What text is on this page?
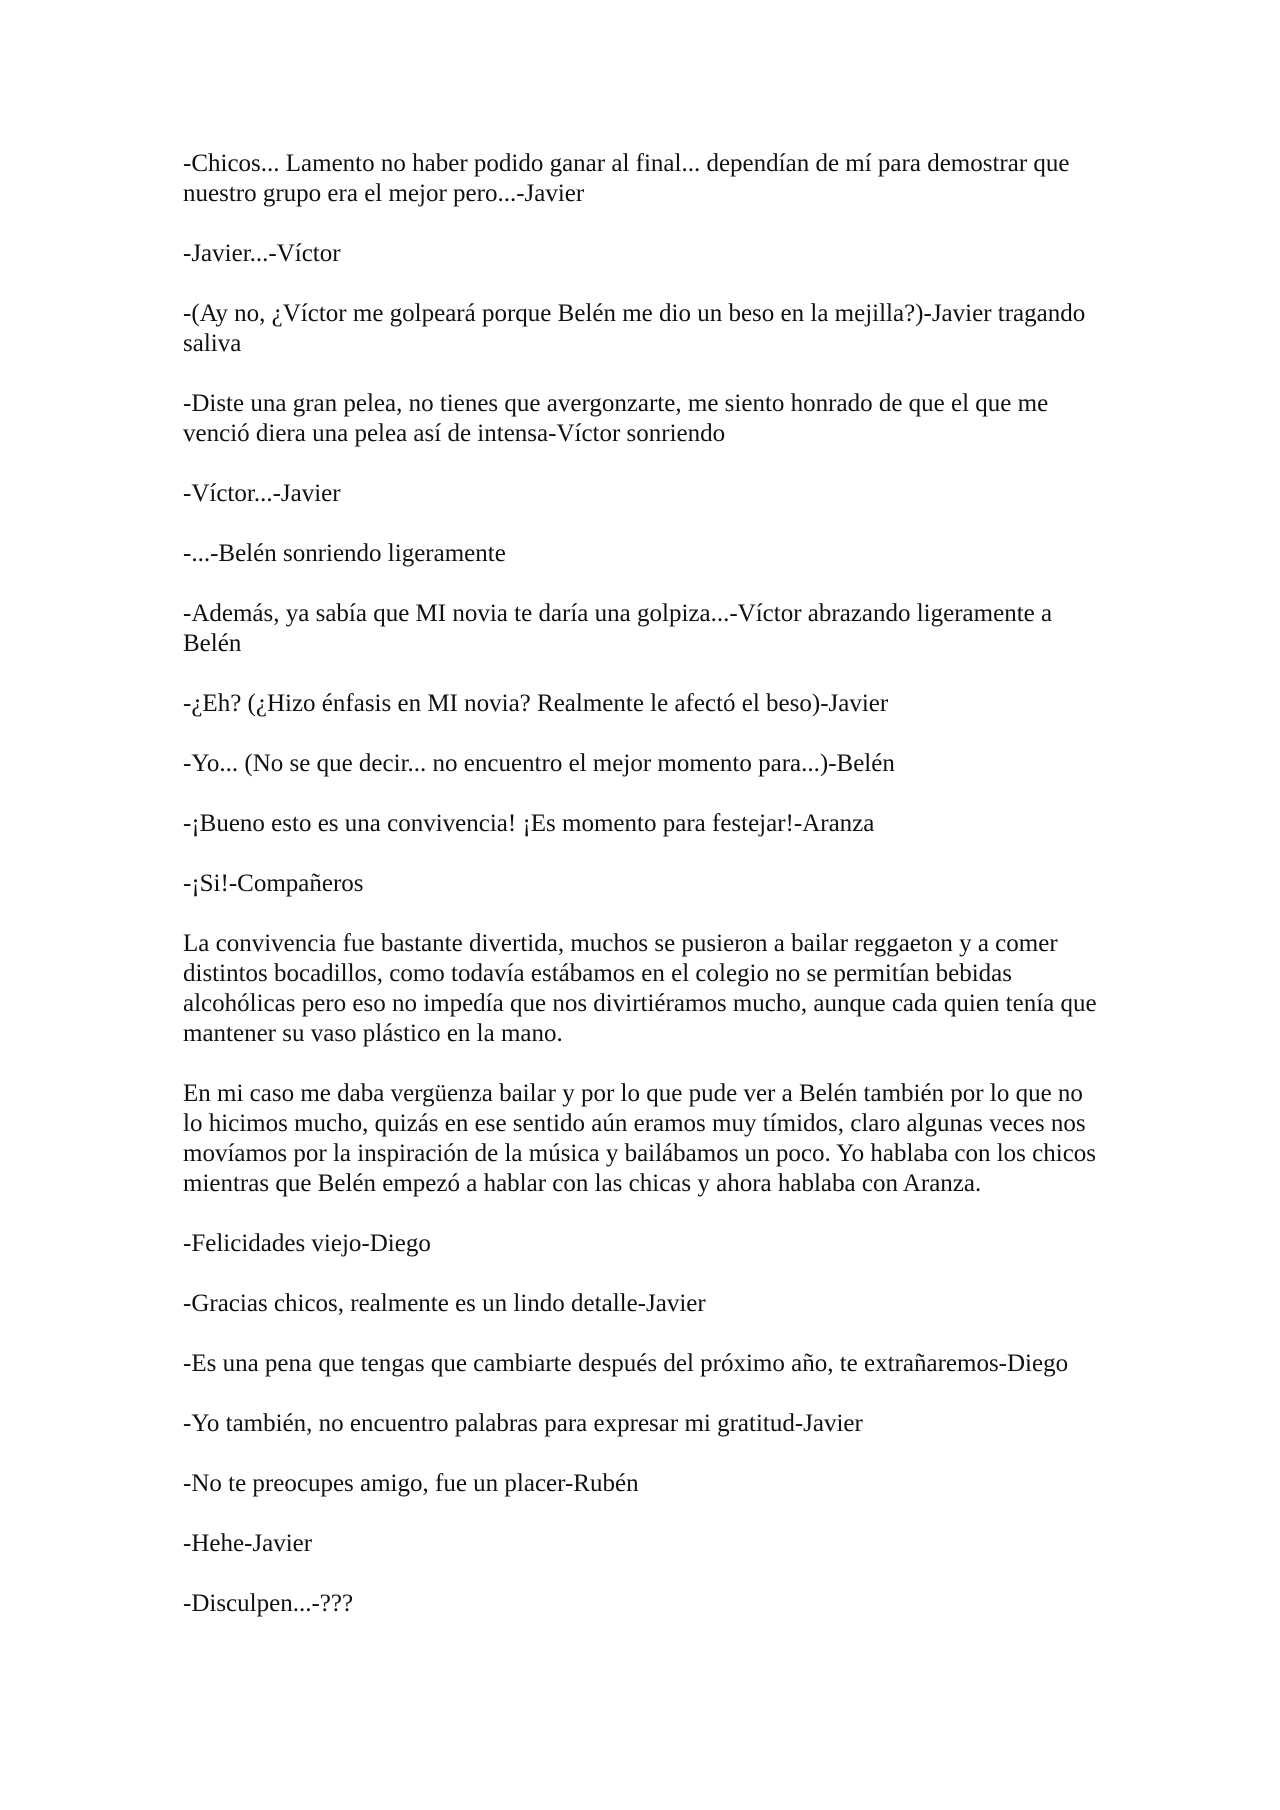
-Chicos... Lamento no haber podido ganar al final... dependían de mí para demostrar que nuestro grupo era el mejor pero...-Javier

-Javier...-Víctor

-(Ay no, ¿Víctor me golpeará porque Belén me dio un beso en la mejilla?)-Javier tragando saliva

-Diste una gran pelea, no tienes que avergonzarte, me siento honrado de que el que me venció diera una pelea así de intensa-Víctor sonriendo

-Víctor...-Javier

-...-Belén sonriendo ligeramente

-Además, ya sabía que MI novia te daría una golpiza...-Víctor abrazando ligeramente a Belén

-¿Eh? (¿Hizo énfasis en MI novia? Realmente le afectó el beso)-Javier

-Yo... (No se que decir... no encuentro el mejor momento para...)-Belén

-¡Bueno esto es una convivencia! ¡Es momento para festejar!-Aranza

-¡Si!-Compañeros

La convivencia fue bastante divertida, muchos se pusieron a bailar reggaeton y a comer distintos bocadillos, como todavía estábamos en el colegio no se permitían bebidas alcohólicas pero eso no impedía que nos divirtiéramos mucho, aunque cada quien tenía que mantener su vaso plástico en la mano.

En mi caso me daba vergüenza bailar y por lo que pude ver a Belén también por lo que no lo hicimos mucho, quizás en ese sentido aún eramos muy tímidos, claro algunas veces nos movíamos por la inspiración de la música y bailábamos un poco. Yo hablaba con los chicos mientras que Belén empezó a hablar con las chicas y ahora hablaba con Aranza.

-Felicidades viejo-Diego

-Gracias chicos, realmente es un lindo detalle-Javier

-Es una pena que tengas que cambiarte después del próximo año, te extrañaremos-Diego

-Yo también, no encuentro palabras para expresar mi gratitud-Javier

-No te preocupes amigo, fue un placer-Rubén

-Hehe-Javier

-Disculpen...-???
